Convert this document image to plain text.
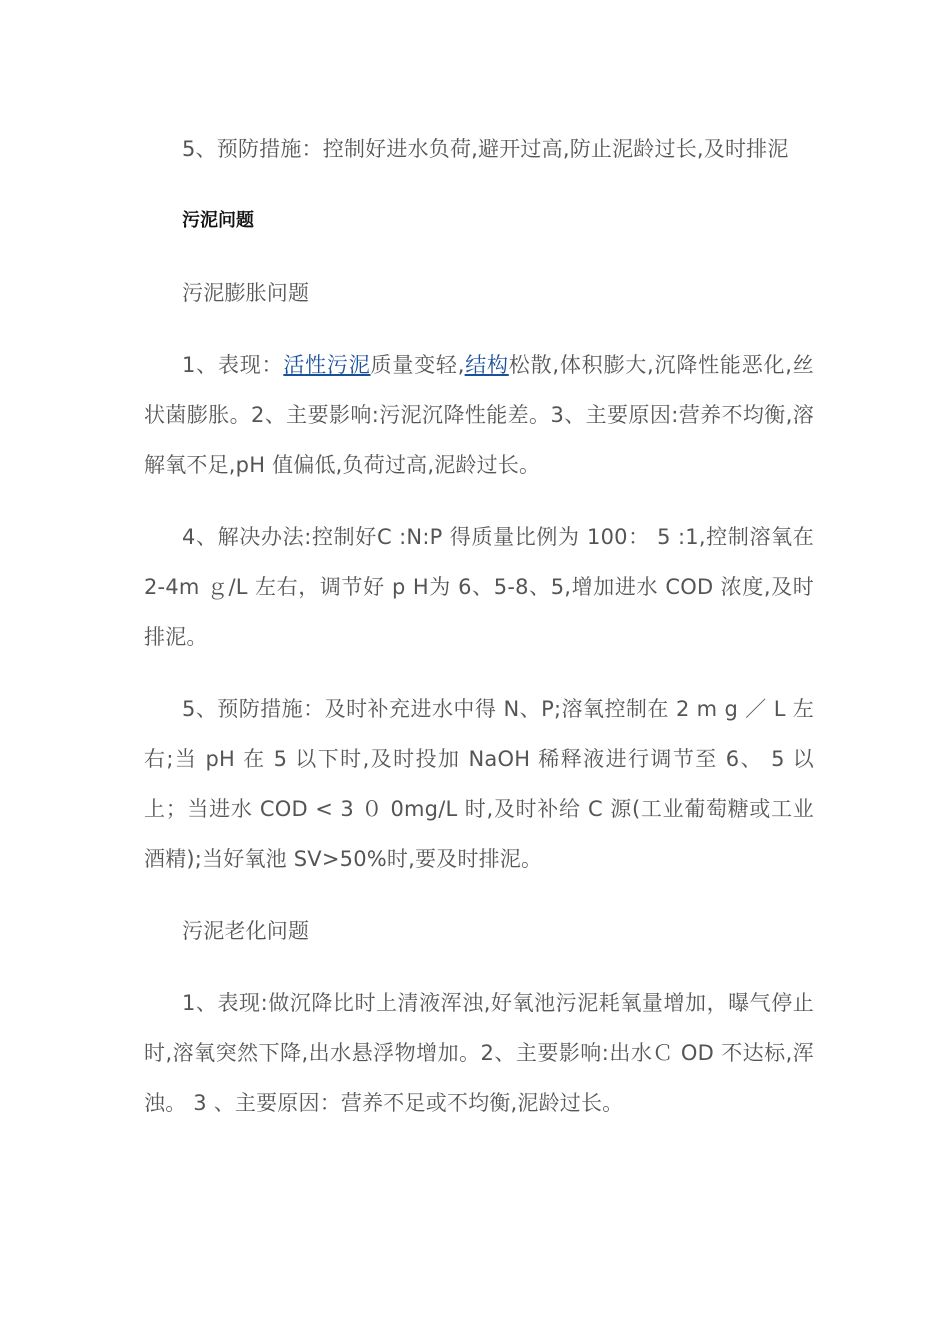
5、预防措施：控制好进水负荷,避开过高,防止泥龄过长,及时排泥

污泥问题

污泥膨胀问题

1、表现：活性污泥质量变轻,结构松散,体积膨大,沉降性能恶化,丝状菌膨胀。2、主要影响:污泥沉降性能差。3、主要原因:营养不均衡,溶解氧不足,pH 值偏低,负荷过高,泥龄过长。

4、解决办法:控制好C :N:P 得质量比例为 100： 5 :1,控制溶氧在 2-4m ｇ/L 左右，调节好 p H为 6、5-8、5,增加进水 COD 浓度,及时排泥。

5、预防措施：及时补充进水中得 N、P;溶氧控制在 2 m g ／ L 左右;当 pH 在 5 以下时,及时投加 NaOH 稀释液进行调节至 6、 5 以上；当进水 COD < 3 ０ 0mg/L 时,及时补给 C 源(工业葡萄糖或工业酒精);当好氧池 SV>50%时,要及时排泥。

污泥老化问题

1、表现:做沉降比时上清液浑浊,好氧池污泥耗氧量增加，曝气停止时,溶氧突然下降,出水悬浮物增加。2、主要影响:出水Ｃ OD 不达标,浑浊。 3 、主要原因：营养不足或不均衡,泥龄过长。
